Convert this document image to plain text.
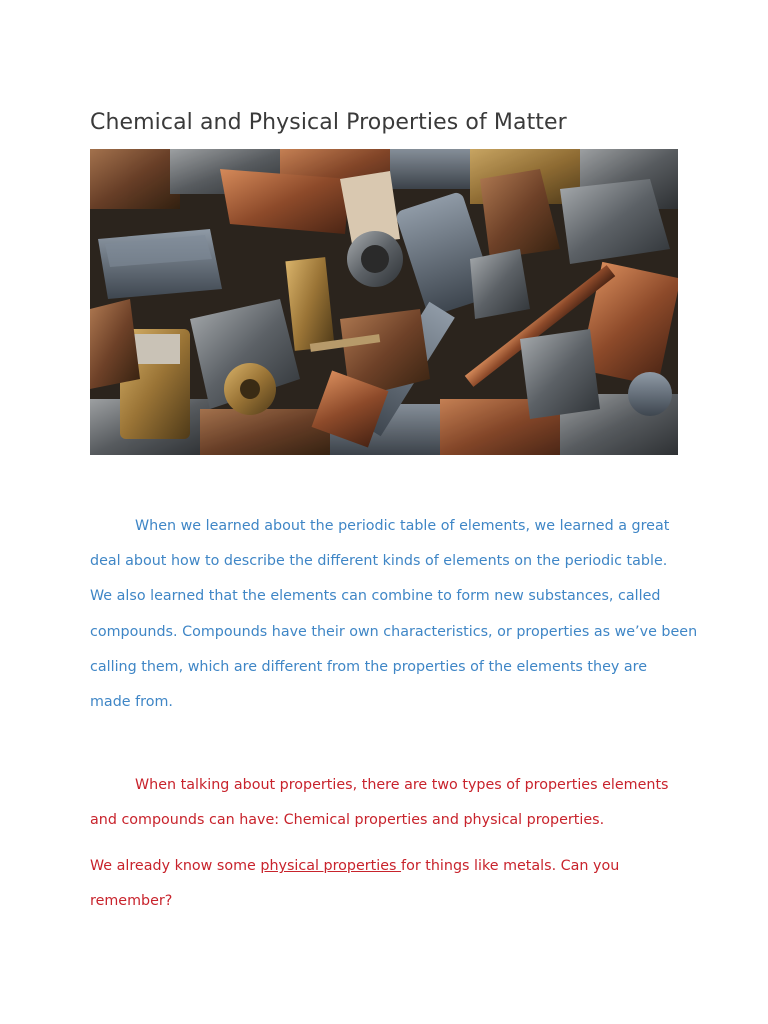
Chemical and Physical Properties of Matter
When we learned about the periodic table of elements, we learned a great
deal about how to describe the different kinds of elements on the periodic table.
We also learned that the elements can combine to form new substances, called
compounds. Compounds have their own characteristics, or properties as we’ve been
calling them, which are different from the properties of the elements they are
made from.
When talking about properties, there are two types of properties elements
and compounds can have: Chemical properties and physical properties.
We already know some physical properties for things like metals. Can you
remember?
